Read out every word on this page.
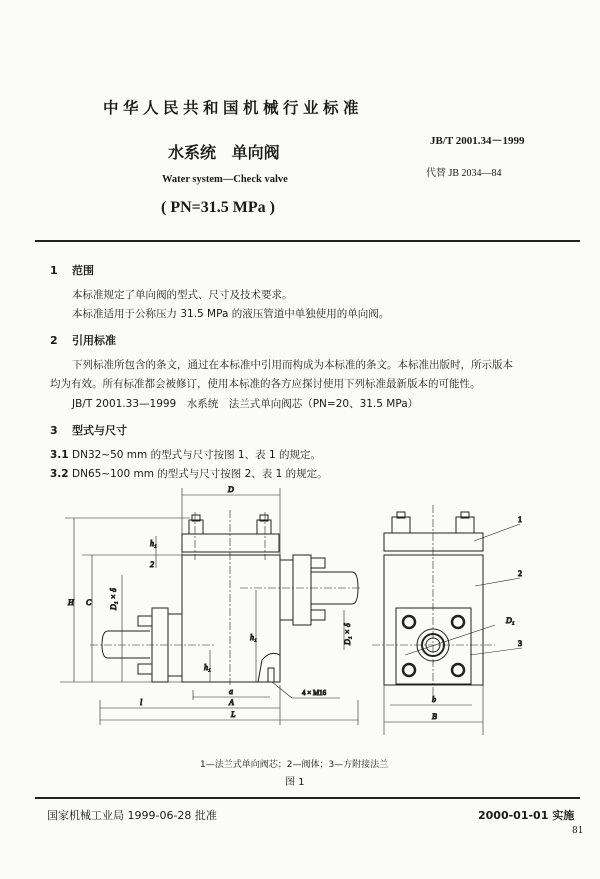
中华人民共和国机械行业标准
JB/T 2001.34－1999
代替 JB 2034—84
水系统 单向阀
Water system—Check valve
( PN=31.5 MPa )
1 范围
本标准规定了单向阀的型式、尺寸及技术要求。
本标准适用于公称压力 31.5 MPa 的液压管道中单独使用的单向阀。
2 引用标准
下列标准所包含的条文，通过在本标准中引用而构成为本标准的条文。本标准出版时，所示版本
均为有效。所有标准都会被修订，使用本标准的各方应探讨使用下列标准最新版本的可能性。
JB/T 2001.33—1999　水系统　法兰式单向阀芯（PN=20、31.5 MPa）
3 型式与尺寸
3.1 DN32~50 mm 的型式与尺寸按图 1、表 1 的规定。
3.2 DN65~100 mm 的型式与尺寸按图 2、表 1 的规定。
D
H C
h₁
2
D₁ × δ
h₁
h₁
D₁ × δ
a
A
l
L
4 × M16
b
B
D₁
1
2
3
1—法兰式单向阀芯；2—阀体；3—方附接法兰
图 1
国家机械工业局 1999-06-28 批准	2000-01-01 实施
81
